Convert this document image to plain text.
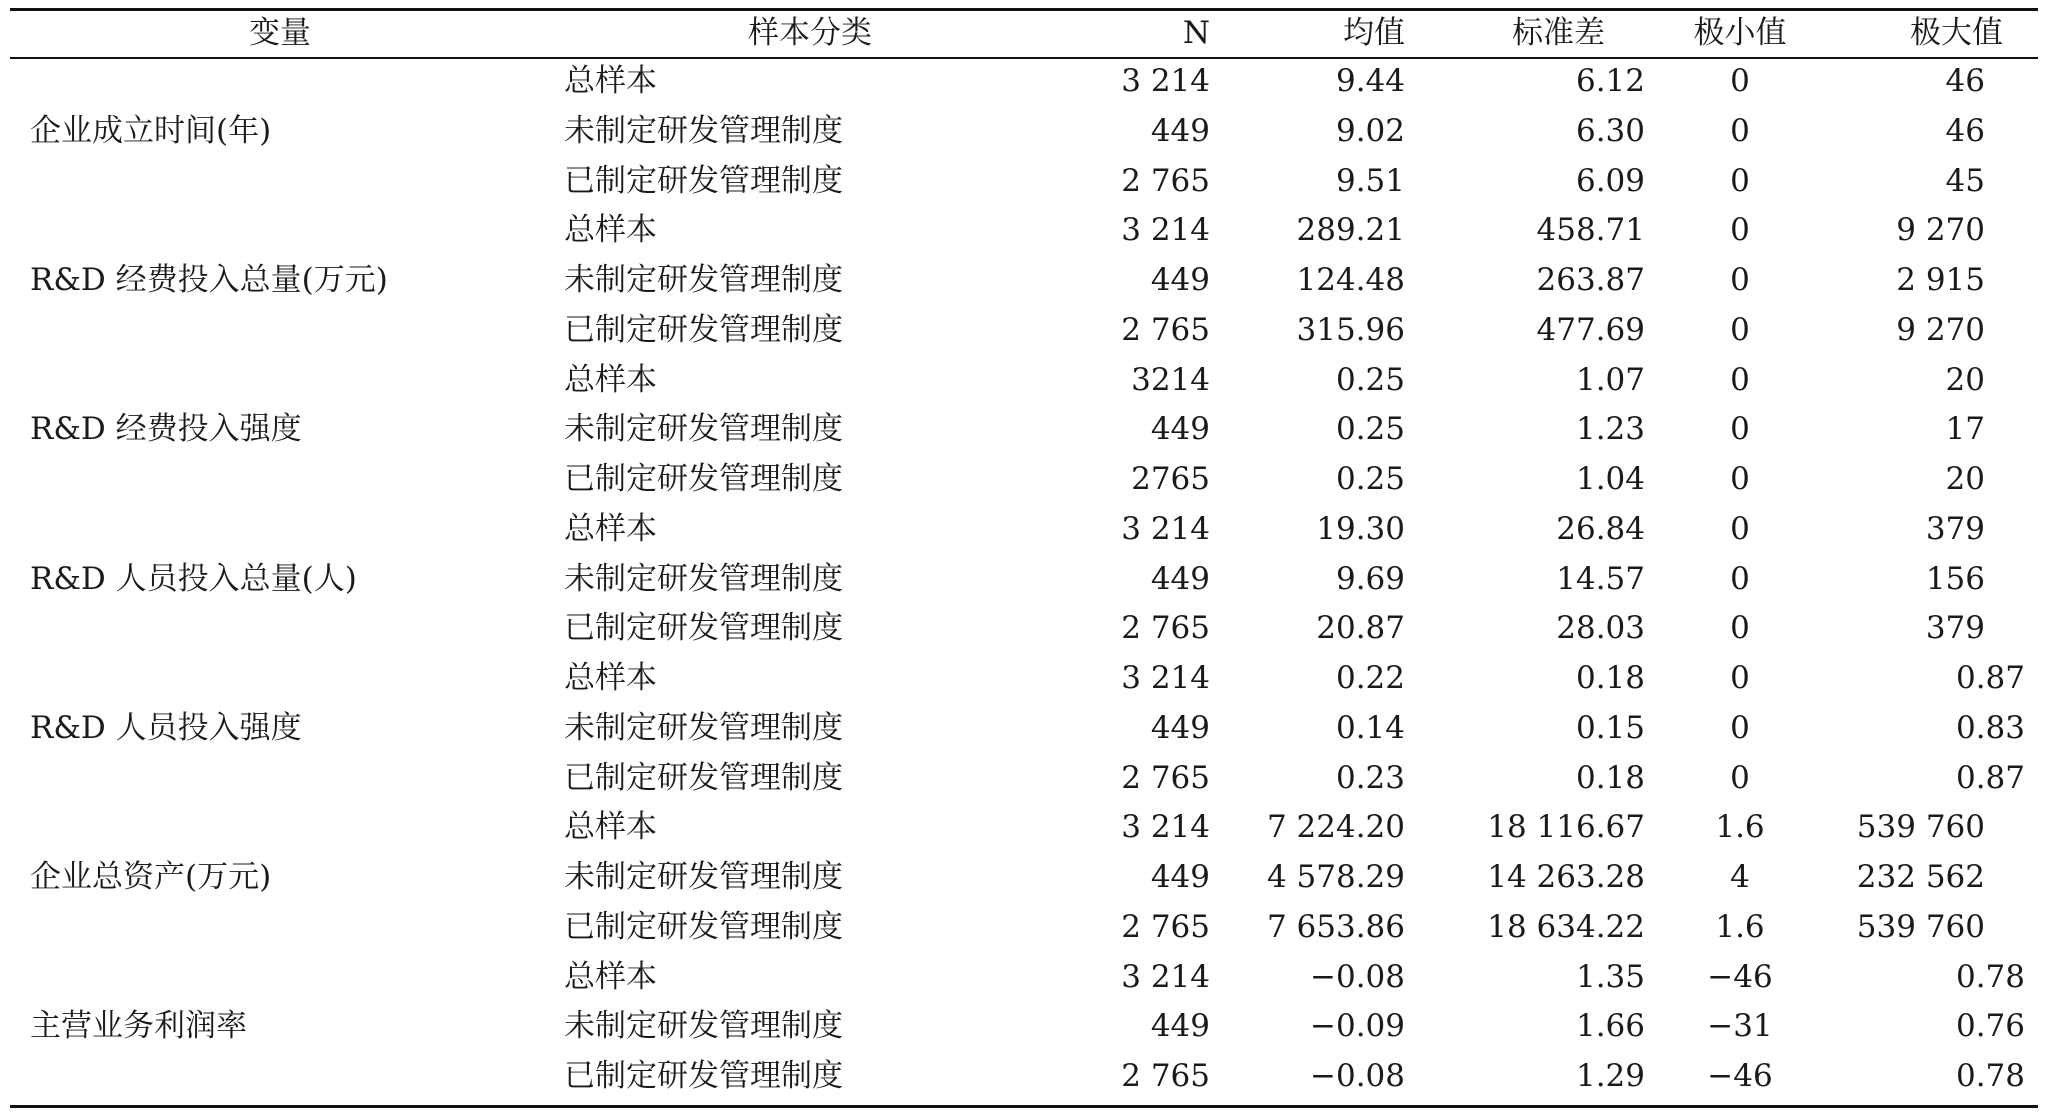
变量	样本分类	N	均值	标准差	极小值	极大值
	总样本	3 214	9.44	6.12	0	46
企业成立时间(年)	未制定研发管理制度	449	9.02	6.30	0	46
	已制定研发管理制度	2 765	9.51	6.09	0	45
	总样本	3 214	289.21	458.71	0	9 270
R&D 经费投入总量(万元)	未制定研发管理制度	449	124.48	263.87	0	2 915
	已制定研发管理制度	2 765	315.96	477.69	0	9 270
	总样本	3214	0.25	1.07	0	20
R&D 经费投入强度	未制定研发管理制度	449	0.25	1.23	0	17
	已制定研发管理制度	2765	0.25	1.04	0	20
	总样本	3 214	19.30	26.84	0	379
R&D 人员投入总量(人)	未制定研发管理制度	449	9.69	14.57	0	156
	已制定研发管理制度	2 765	20.87	28.03	0	379
	总样本	3 214	0.22	0.18	0	0.87
R&D 人员投入强度	未制定研发管理制度	449	0.14	0.15	0	0.83
	已制定研发管理制度	2 765	0.23	0.18	0	0.87
	总样本	3 214	7 224.20	18 116.67	1.6	539 760
企业总资产(万元)	未制定研发管理制度	449	4 578.29	14 263.28	4	232 562
	已制定研发管理制度	2 765	7 653.86	18 634.22	1.6	539 760
	总样本	3 214	−0.08	1.35	−46	0.78
主营业务利润率	未制定研发管理制度	449	−0.09	1.66	−31	0.76
	已制定研发管理制度	2 765	−0.08	1.29	−46	0.78
